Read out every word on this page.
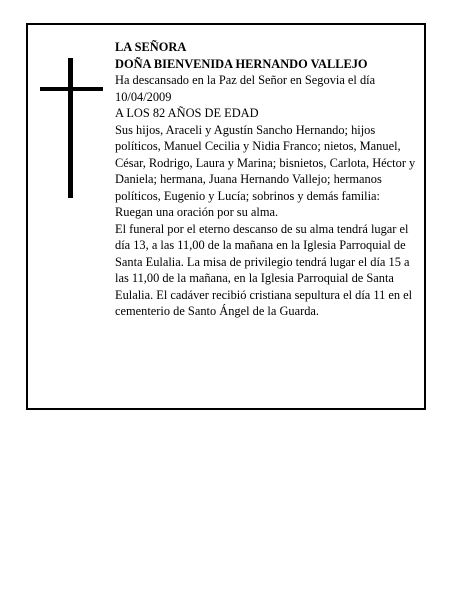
LA SEÑORA

DOÑA BIENVENIDA HERNANDO VALLEJO

Ha descansado en la Paz del Señor en Segovia el día 10/04/2009

A LOS 82 AÑOS DE EDAD

Sus hijos, Araceli y Agustín Sancho Hernando; hijos políticos, Manuel Cecilia y Nidia Franco; nietos, Manuel, César, Rodrigo, Laura y Marina; bisnietos, Carlota, Héctor y Daniela; hermana, Juana Hernando Vallejo; hermanos políticos, Eugenio y Lucía; sobrinos y demás familia:

Ruegan una oración por su alma.

El funeral por el eterno descanso de su alma tendrá lugar el día 13, a las 11,00 de la mañana en la Iglesia Parroquial de Santa Eulalia. La misa de privilegio tendrá lugar el día 15 a las 11,00 de la mañana, en la Iglesia Parroquial de Santa Eulalia. El cadáver recibió cristiana sepultura el día 11 en el cementerio de Santo Ángel de la Guarda.
